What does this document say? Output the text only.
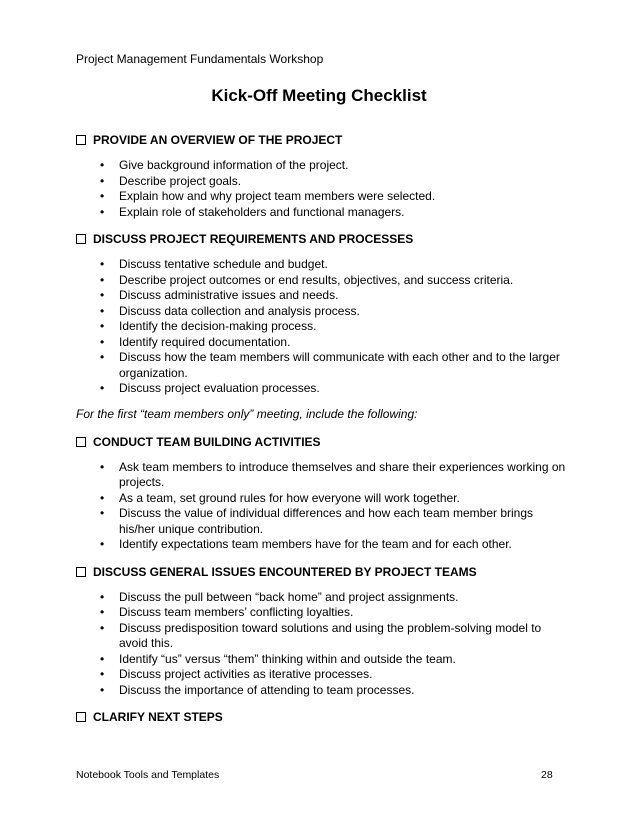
Project Management Fundamentals Workshop
Kick-Off Meeting Checklist
PROVIDE AN OVERVIEW OF THE PROJECT
• Give background information of the project.
• Describe project goals.
• Explain how and why project team members were selected.
• Explain role of stakeholders and functional managers.
DISCUSS PROJECT REQUIREMENTS AND PROCESSES
• Discuss tentative schedule and budget.
• Describe project outcomes or end results, objectives, and success criteria.
• Discuss administrative issues and needs.
• Discuss data collection and analysis process.
• Identify the decision-making process.
• Identify required documentation.
• Discuss how the team members will communicate with each other and to the larger organization.
• Discuss project evaluation processes.
For the first “team members only” meeting, include the following:
CONDUCT TEAM BUILDING ACTIVITIES
• Ask team members to introduce themselves and share their experiences working on projects.
• As a team, set ground rules for how everyone will work together.
• Discuss the value of individual differences and how each team member brings his/her unique contribution.
• Identify expectations team members have for the team and for each other.
DISCUSS GENERAL ISSUES ENCOUNTERED BY PROJECT TEAMS
• Discuss the pull between “back home” and project assignments.
• Discuss team members’ conflicting loyalties.
• Discuss predisposition toward solutions and using the problem-solving model to avoid this.
• Identify “us” versus “them” thinking within and outside the team.
• Discuss project activities as iterative processes.
• Discuss the importance of attending to team processes.
CLARIFY NEXT STEPS
Notebook Tools and Templates	28
